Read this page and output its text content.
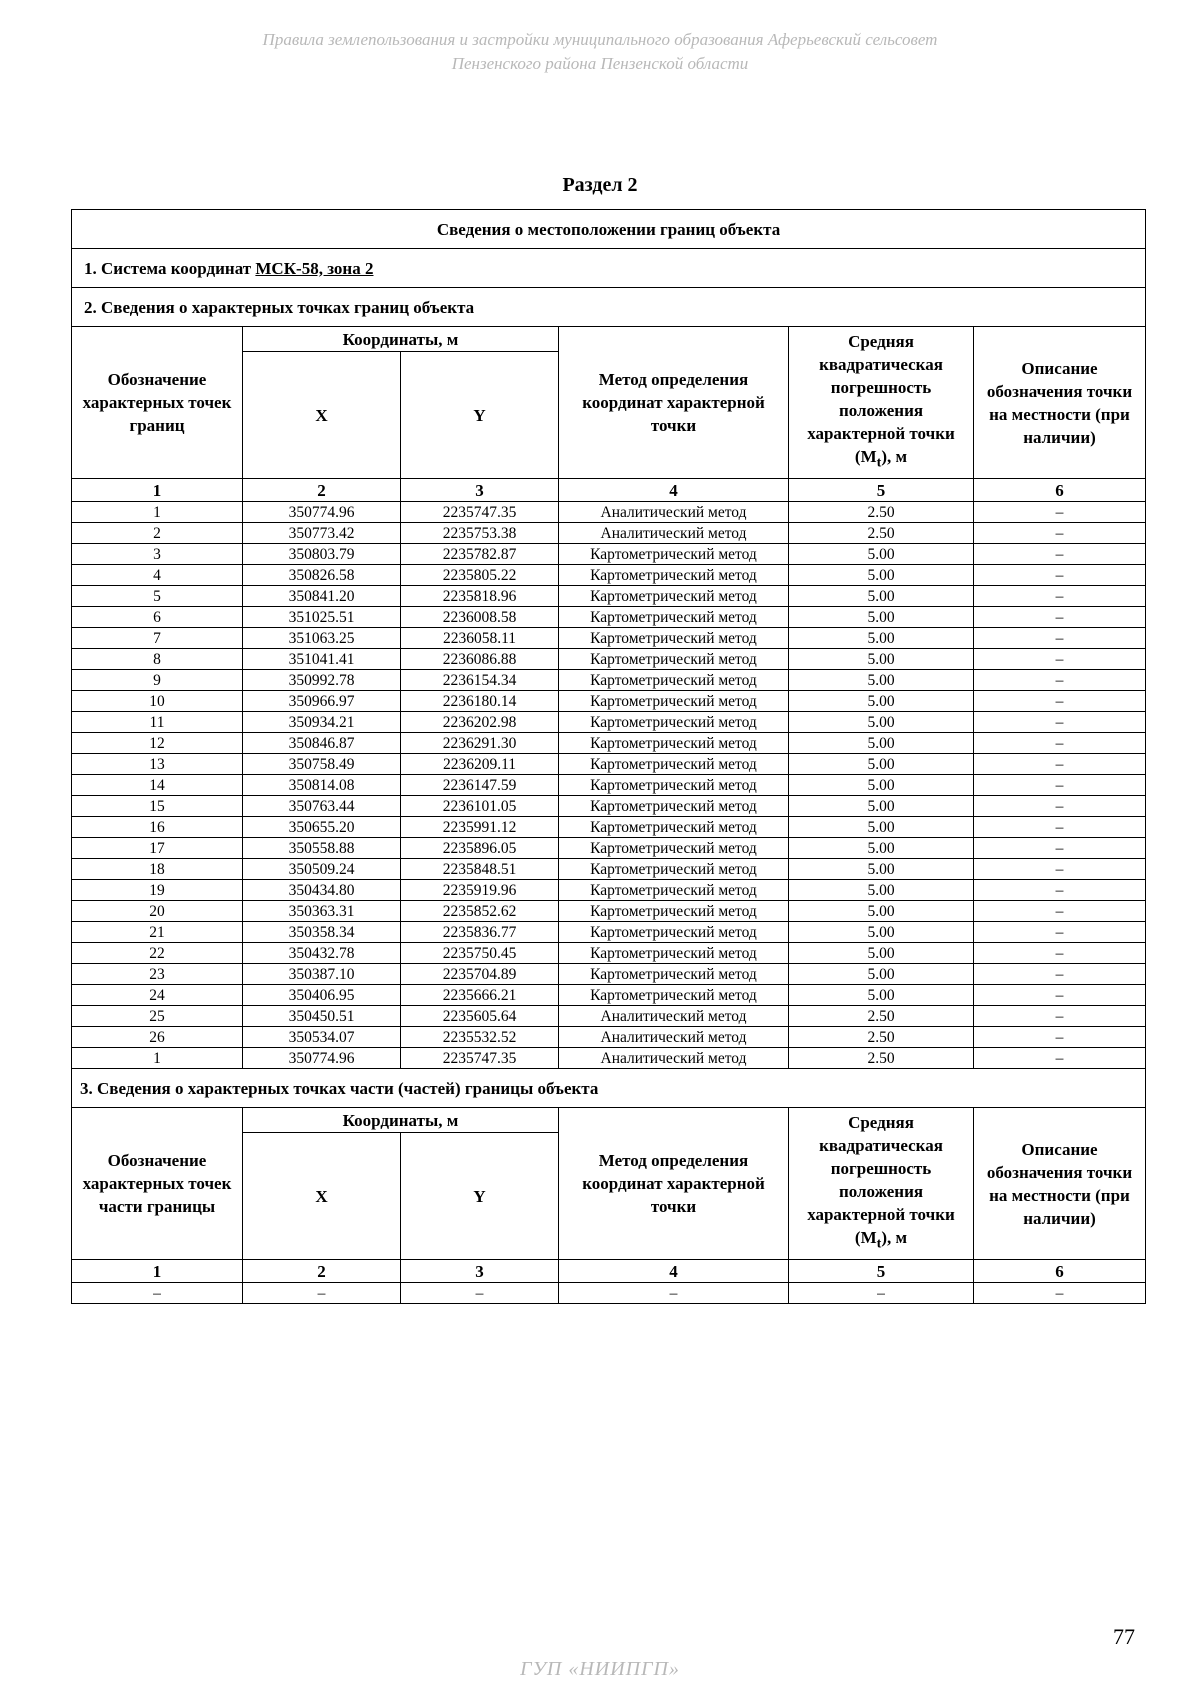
Правила землепользования и застройки муниципального образования Аферьевский сельсовет
Пензенского района Пензенской области
Раздел 2
Сведения о местоположении границ объекта					
1. Система координат МСК-58, зона 2					
2. Сведения о характерных точках границ объекта					
Обозначение характерных точек границ	Координаты, м		Метод определения координат характерной точки	Средняя квадратическая погрешность положения характерной точки $(M_t)$, м	Описание обозначения точки на местности (при наличии)
	X	Y			
1	2	3	4	5	6
1	350774.96	2235747.35	Аналитический метод	2.50	–
2	350773.42	2235753.38	Аналитический метод	2.50	–
3	350803.79	2235782.87	Картометрический метод	5.00	–
4	350826.58	2235805.22	Картометрический метод	5.00	–
5	350841.20	2235818.96	Картометрический метод	5.00	–
6	351025.51	2236008.58	Картометрический метод	5.00	–
7	351063.25	2236058.11	Картометрический метод	5.00	–
8	351041.41	2236086.88	Картометрический метод	5.00	–
9	350992.78	2236154.34	Картометрический метод	5.00	–
10	350966.97	2236180.14	Картометрический метод	5.00	–
11	350934.21	2236202.98	Картометрический метод	5.00	–
12	350846.87	2236291.30	Картометрический метод	5.00	–
13	350758.49	2236209.11	Картометрический метод	5.00	–
14	350814.08	2236147.59	Картометрический метод	5.00	–
15	350763.44	2236101.05	Картометрический метод	5.00	–
16	350655.20	2235991.12	Картометрический метод	5.00	–
17	350558.88	2235896.05	Картометрический метод	5.00	–
18	350509.24	2235848.51	Картометрический метод	5.00	–
19	350434.80	2235919.96	Картометрический метод	5.00	–
20	350363.31	2235852.62	Картометрический метод	5.00	–
21	350358.34	2235836.77	Картометрический метод	5.00	–
22	350432.78	2235750.45	Картометрический метод	5.00	–
23	350387.10	2235704.89	Картометрический метод	5.00	–
24	350406.95	2235666.21	Картометрический метод	5.00	–
25	350450.51	2235605.64	Аналитический метод	2.50	–
26	350534.07	2235532.52	Аналитический метод	2.50	–
1	350774.96	2235747.35	Аналитический метод	2.50	–
3. Сведения о характерных точках части (частей) границы объекта					
Обозначение характерных точек части границы	Координаты, м		Метод определения координат характерной точки	Средняя квадратическая погрешность положения характерной точки $(M_t)$, м	Описание обозначения точки на местности (при наличии)
	X	Y			
1	2	3	4	5	6
–	–	–	–	–	–
77
ГУП «НИИПГП»
